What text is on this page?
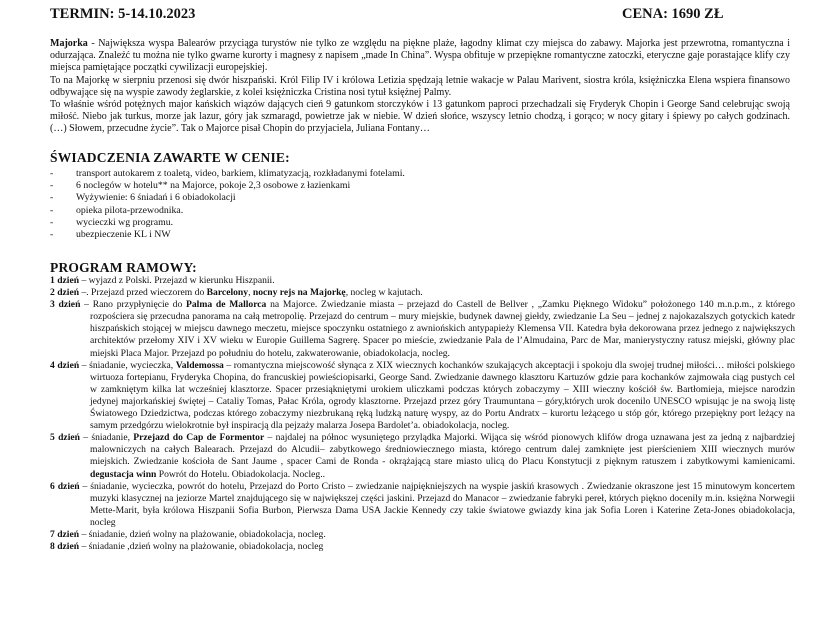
TERMIN: 5-14.10.2023	CENA: 1690 ZŁ

Majorka - Największa wyspa Balearów przyciąga turystów nie tylko ze względu na piękne plaże, łagodny klimat czy miejsca do zabawy. Majorka jest przewrotna, romantyczna i odurzająca. Znaleźć tu można nie tylko gwarne kurorty i magnesy z napisem „made In China”. Wyspa obfituje w przepiękne romantyczne zatoczki, eteryczne gaje porastające klify czy miejsca pamiętające początki cywilizacji europejskiej.

To na Majorkę w sierpniu przenosi się dwór hiszpański. Król Filip IV i królowa Letizia spędzają letnie wakacje w Palau Marivent, siostra króla, księżniczka Elena wspiera finansowo odbywające się na wyspie zawody żeglarskie, z kolei księżniczka Cristina nosi tytuł księżnej Palmy.

To właśnie wśród potężnych major kańskich wiązów dających cień 9 gatunkom storczyków i 13 gatunkom paproci przechadzali się Fryderyk Chopin i George Sand celebrując swoją miłość. Niebo jak turkus, morze jak lazur, góry jak szmaragd, powietrze jak w niebie. W dzień słońce, wszyscy letnio chodzą, i gorąco; w nocy gitary i śpiewy po całych godzinach. (…) Słowem, przecudne życie”. Tak o Majorce pisał Chopin do przyjaciela, Juliana Fontany…

ŚWIADCZENIA ZAWARTE W CENIE:
- transport autokarem z toaletą, video, barkiem, klimatyzacją, rozkładanymi fotelami.
- 6 noclegów w hotelu** na Majorce, pokoje 2,3 osobowe z łazienkami
- Wyżywienie: 6 śniadań i 6 obiadokolacji
- opieka pilota-przewodnika.
- wycieczki wg programu.
- ubezpieczenie KL i NW
PROGRAM RAMOWY:
1 dzień – wyjazd z Polski. Przejazd w kierunku Hiszpanii.
2 dzień –. Przejazd przed wieczorem do Barcelony, nocny rejs na Majorkę, nocleg w kajutach.
3 dzień – Rano przypłynięcie do Palma de Mallorca na Majorce. Zwiedzanie miasta – przejazd do Castell de Bellver , „Zamku Pięknego Widoku” położonego 140 m.n.p.m., z którego rozpościera się przecudna panorama na całą metropolię. Przejazd do centrum – mury miejskie, budynek dawnej giełdy, zwiedzanie La Seu – jednej z najokazalszych gotyckich katedr hiszpańskich stojącej w miejscu dawnego meczetu, miejsce spoczynku ostatniego z awniońskich antypapieży Klemensa VII. Katedra była dekorowana przez jednego z największych architektów przełomy XIV i XV wieku w Europie Guillema Sagrerę. Spacer po mieście, zwiedzanie Pala de l’Almudaina, Parc de Mar, manierystyczny ratusz miejski, główny plac miejski Placa Major. Przejazd po południu do hotelu, zakwaterowanie, obiadokolacja, nocleg.
4 dzień – śniadanie, wycieczka, Valdemossa – romantyczna miejscowość słynąca z XIX wiecznych kochanków szukających akceptacji i spokoju dla swojej trudnej miłości… miłości polskiego wirtuoza fortepianu, Fryderyka Chopina, do francuskiej powieściopisarki, George Sand. Zwiedzanie dawnego klasztoru Kartuzów gdzie para kochanków zajmowała ciąg pustych cel w zamkniętym kilka lat wcześniej klasztorze. Spacer przesiąkniętymi urokiem uliczkami podczas których zobaczymy – XIII wieczny kościół św. Bartłomieja, miejsce narodzin jedynej majorkańskiej świętej – Cataliy Tomas, Pałac Króla, ogrody klasztorne. Przejazd przez góry Traumuntana – góry,których urok docenilo UNESCO wpisując je na swoją listę Światowego Dziedzictwa, podczas którego zobaczymy niezbrukaną ręką ludzką naturę wyspy, az do Portu Andratx – kurortu leżącego u stóp gór, którego przepiękny port leżący na samym przedgórzu wielokrotnie był inspiracją dla pejzaży malarza Josepa Bardolet’a. obiadokolacja, nocleg.
5 dzień – śniadanie, Przejazd do Cap de Formentor – najdalej na północ wysuniętego przylądka Majorki. Wijąca się wśród pionowych klifów droga uznawana jest za jedną z najbardziej malowniczych na całych Balearach. Przejazd do Alcudii– zabytkowego średniowiecznego miasta, którego centrum dalej zamknięte jest pierścieniem XIII wiecznych murów miejskich. Zwiedzanie kościoła de Sant Jaume , spacer Cami de Ronda - okrążającą stare miasto ulicą do Placu Konstytucji z pięknym ratuszem i zabytkowymi kamienicami. degustacja winn Powrót do Hotelu. Obiadokolacja. Nocleg..
6 dzień – śniadanie, wycieczka, powrót do hotelu, Przejazd do Porto Cristo – zwiedzanie najpiękniejszych na wyspie jaskiń krasowych . Zwiedzanie okraszone jest 15 minutowym koncertem muzyki klasycznej na jeziorze Martel znajdującego się w największej części jaskini. Przejazd do Manacor – zwiedzanie fabryki pereł, których piękno docenily m.in. księżna Norwegii Mette-Marit, była królowa Hiszpanii Sofia Burbon, Pierwsza Dama USA Jackie Kennedy czy takie światowe gwiazdy kina jak Sofia Loren i Katerine Zeta-Jones obiadokolacja, nocleg
7 dzień – śniadanie, dzień wolny na plażowanie, obiadokolacja, nocleg.
8 dzień – śniadanie ,dzień wolny na plażowanie, obiadokolacja, nocleg
